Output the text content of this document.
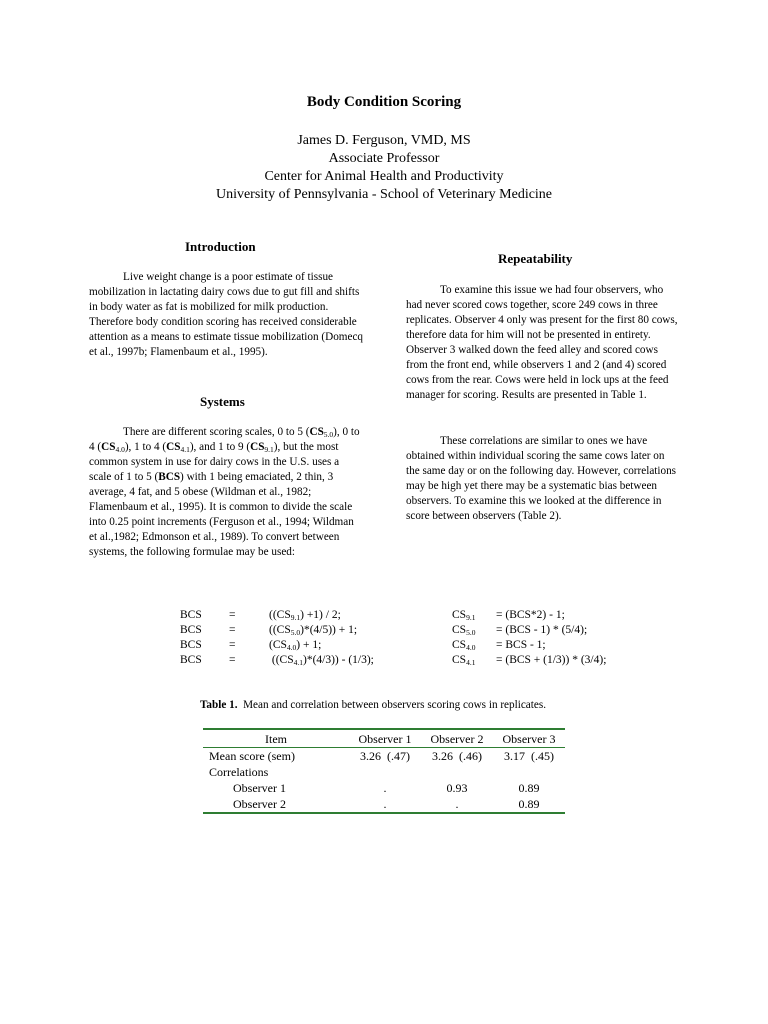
Body Condition Scoring
James D. Ferguson, VMD, MS
Associate Professor
Center for Animal Health and Productivity
University of Pennsylvania - School of Veterinary Medicine
Introduction

Live weight change is a poor estimate of tissue mobilization in lactating dairy cows due to gut fill and shifts in body water as fat is mobilized for milk production. Therefore body condition scoring has received considerable attention as a means to estimate tissue mobilization (Domecq et al., 1997b; Flamenbaum et al., 1995).

Systems

There are different scoring scales, 0 to 5 $(CS_{5.0})$, 0 to 4 $(CS_{4.0})$, 1 to 4 $(CS_{4.1})$, and 1 to 9 $(CS_{9.1})$, but the most common system in use for dairy cows in the U.S. uses a scale of 1 to 5 (BCS) with 1 being emaciated, 2 thin, 3 average, 4 fat, and 5 obese (Wildman et al., 1982; Flamenbaum et al., 1995). It is common to divide the scale into 0.25 point increments (Ferguson et al., 1994; Wildman et al.,1982; Edmonson et al., 1989). To convert between systems, the following formulae may be used:

Repeatability

To examine this issue we had four observers, who had never scored cows together, score 249 cows in three replicates. Observer 4 only was present for the first 80 cows, therefore data for him will not be presented in entirety. Observer 3 walked down the feed alley and scored cows from the front end, while observers 1 and 2 (and 4) scored cows from the rear. Cows were held in lock ups at the feed manager for scoring. Results are presented in Table 1.

These correlations are similar to ones we have obtained within individual scoring the same cows later on the same day or on the following day. However, correlations may be high yet there may be a systematic bias between observers. To examine this we looked at the difference in score between observers (Table 2).

BCS =	$((CS_{9.1}) +1) / 2$;
BCS =	$((CS_{5.0})*(4/5)) + 1$;
BCS =	$(CS_{4.0}) + 1$;
BCS =	$((CS_{4.1})*(4/3)) - (1/3)$;
$CS_{9.1} = (BCS*2) - 1$;
$CS_{5.0} = (BCS - 1) * (5/4)$;
$CS_{4.0}$ = BCS - 1;
$CS_{4.1} = (BCS + (1/3)) * (3/4)$;
Table 1. Mean and correlation between observers scoring cows in replicates.
Item	Observer 1	Observer 2	Observer 3
Mean score (sem)	3.26  (.47)	3.26  (.46)	3.17  (.45)
Correlations			
Observer 1	.	0.93	0.89
Observer 2	.	.	0.89
